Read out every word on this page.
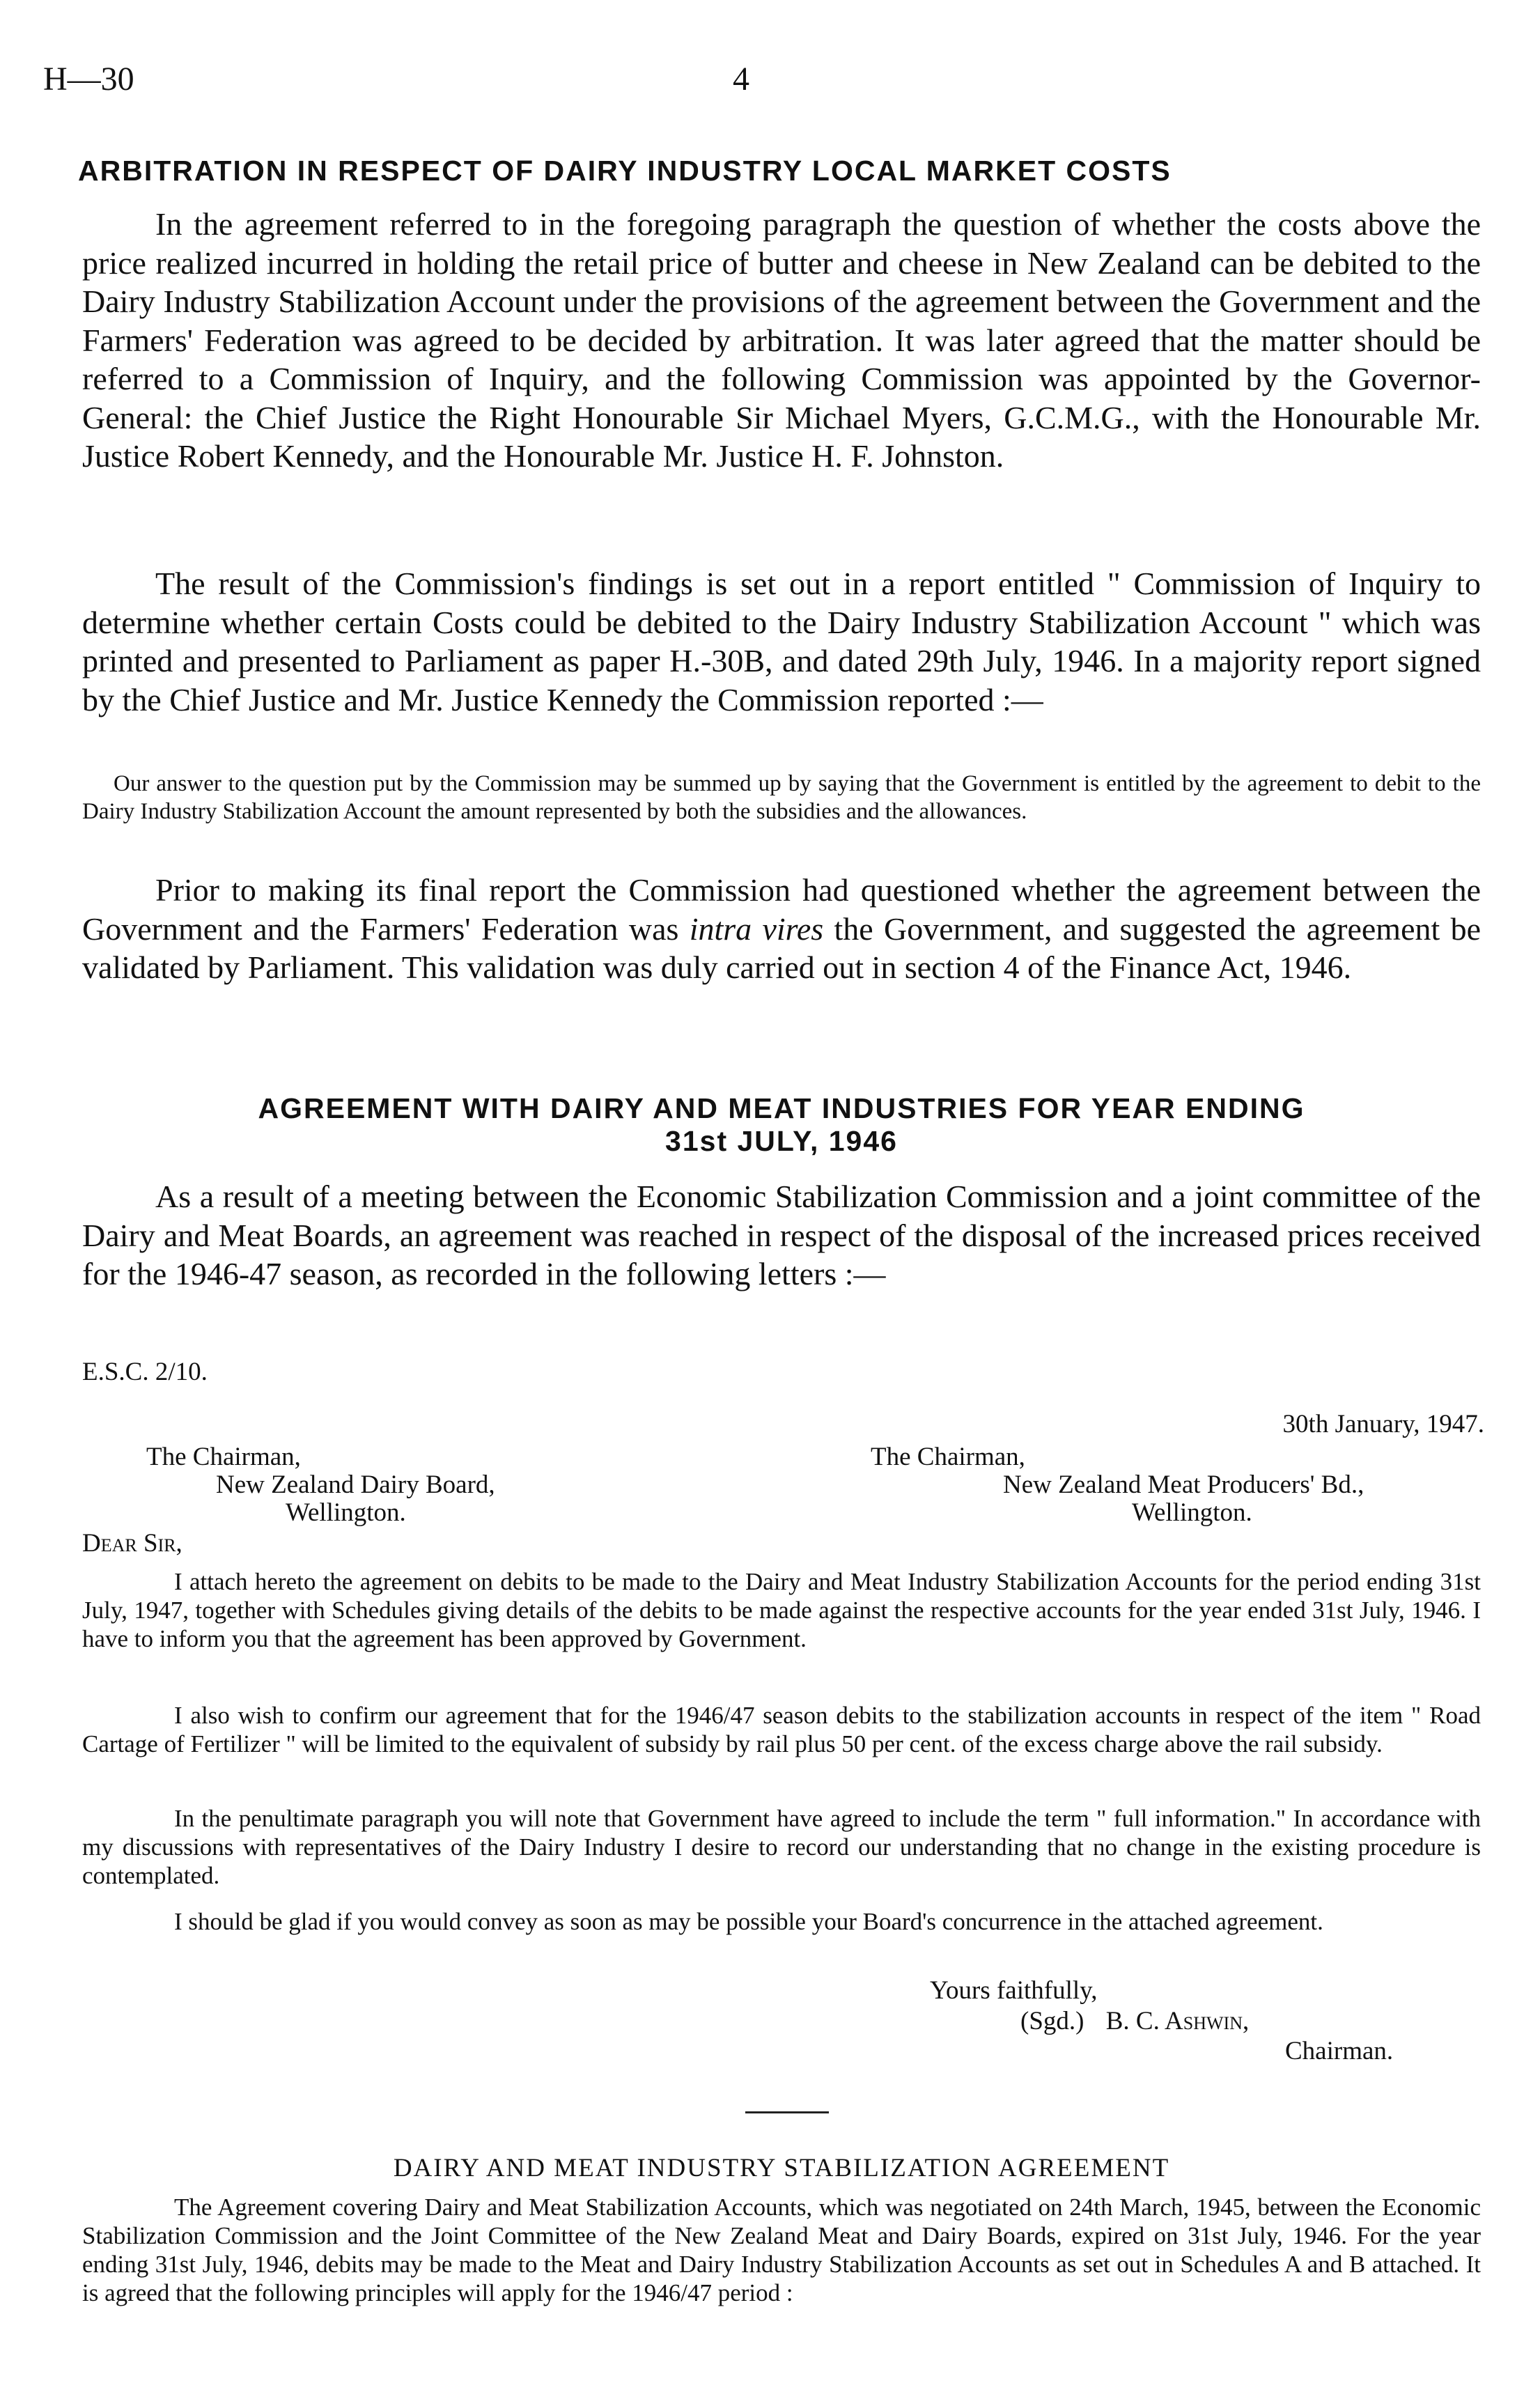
H—30	4
ARBITRATION IN RESPECT OF DAIRY INDUSTRY LOCAL MARKET COSTS

In the agreement referred to in the foregoing paragraph the question of whether the costs above the price realized incurred in holding the retail price of butter and cheese in New Zealand can be debited to the Dairy Industry Stabilization Account under the provisions of the agreement between the Government and the Farmers' Federation was agreed to be decided by arbitration. It was later agreed that the matter should be referred to a Commission of Inquiry, and the following Commission was appointed by the Governor-General: the Chief Justice the Right Honourable Sir Michael Myers, G.C.M.G., with the Honourable Mr. Justice Robert Kennedy, and the Honourable Mr. Justice H. F. Johnston.

The result of the Commission's findings is set out in a report entitled " Commission of Inquiry to determine whether certain Costs could be debited to the Dairy Industry Stabilization Account " which was printed and presented to Parliament as paper H.-30B, and dated 29th July, 1946. In a majority report signed by the Chief Justice and Mr. Justice Kennedy the Commission reported :—

Our answer to the question put by the Commission may be summed up by saying that the Government is entitled by the agreement to debit to the Dairy Industry Stabilization Account the amount represented by both the subsidies and the allowances.

Prior to making its final report the Commission had questioned whether the agreement between the Government and the Farmers' Federation was intra vires the Government, and suggested the agreement be validated by Parliament. This validation was duly carried out in section 4 of the Finance Act, 1946.

AGREEMENT WITH DAIRY AND MEAT INDUSTRIES FOR YEAR ENDING
31st JULY, 1946

As a result of a meeting between the Economic Stabilization Commission and a joint committee of the Dairy and Meat Boards, an agreement was reached in respect of the disposal of the increased prices received for the 1946-47 season, as recorded in the following letters :—

E.S.C. 2/10.
30th January, 1947.
The Chairman,
New Zealand Dairy Board,
Wellington.
The Chairman,
New Zealand Meat Producers' Bd.,
Wellington.
Dear Sir,

I attach hereto the agreement on debits to be made to the Dairy and Meat Industry Stabilization Accounts for the period ending 31st July, 1947, together with Schedules giving details of the debits to be made against the respective accounts for the year ended 31st July, 1946. I have to inform you that the agreement has been approved by Government.

I also wish to confirm our agreement that for the 1946/47 season debits to the stabilization accounts in respect of the item " Road Cartage of Fertilizer " will be limited to the equivalent of subsidy by rail plus 50 per cent. of the excess charge above the rail subsidy.

In the penultimate paragraph you will note that Government have agreed to include the term " full information." In accordance with my discussions with representatives of the Dairy Industry I desire to record our understanding that no change in the existing procedure is contemplated.

I should be glad if you would convey as soon as may be possible your Board's concurrence in the attached agreement.

Yours faithfully,
(Sgd.) B. C. Ashwin,
Chairman.
DAIRY AND MEAT INDUSTRY STABILIZATION AGREEMENT

The Agreement covering Dairy and Meat Stabilization Accounts, which was negotiated on 24th March, 1945, between the Economic Stabilization Commission and the Joint Committee of the New Zealand Meat and Dairy Boards, expired on 31st July, 1946. For the year ending 31st July, 1946, debits may be made to the Meat and Dairy Industry Stabilization Accounts as set out in Schedules A and B attached. It is agreed that the following principles will apply for the 1946/47 period :
